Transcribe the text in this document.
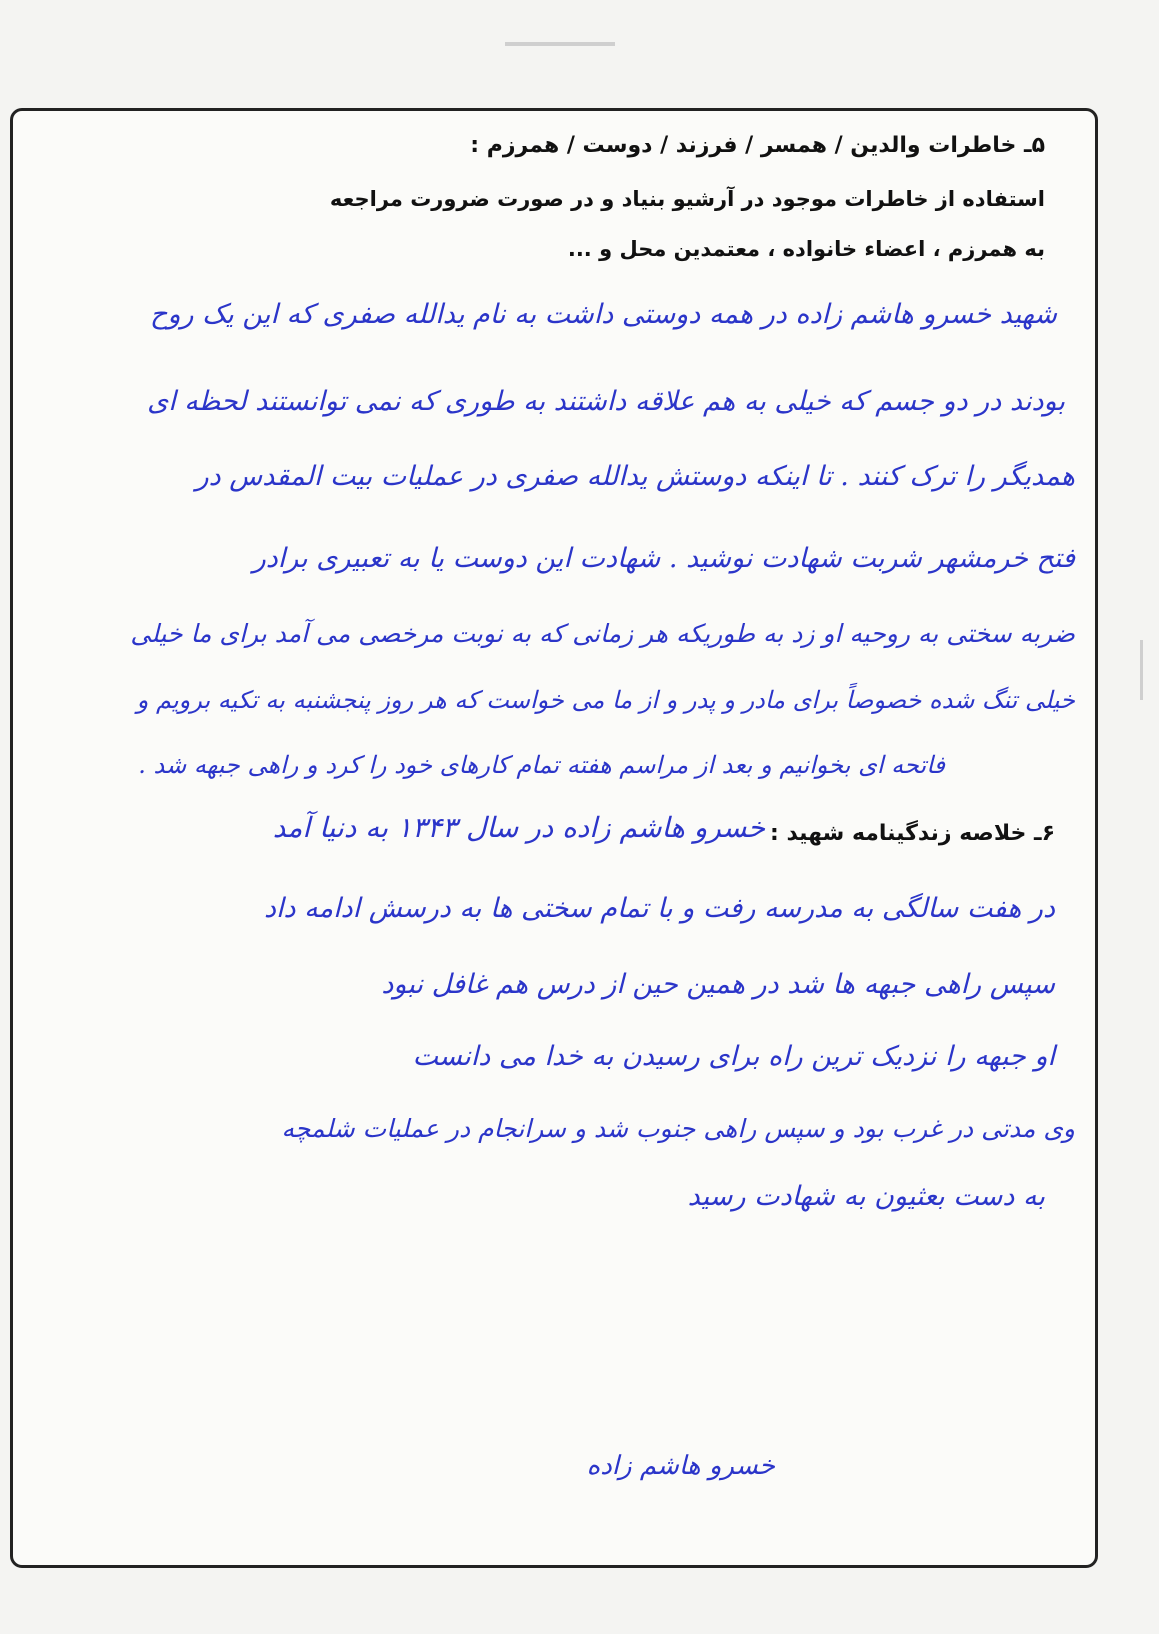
۵ـ خاطرات والدین / همسر / فرزند / دوست / همرزم :
استفاده از خاطرات موجود در آرشیو بنیاد و در صورت ضرورت مراجعه
به همرزم ، اعضاء خانواده ، معتمدین محل و ...
شهید خسرو هاشم زاده در همه دوستی داشت به نام یدالله صفری که این یک روح
بودند در دو جسم که خیلی به هم علاقه داشتند به طوری که نمی توانستند لحظه ای
همدیگر را ترک کنند . تا اینکه دوستش یدالله صفری در عملیات بیت المقدس در
فتح خرمشهر شربت شهادت نوشید . شهادت این دوست یا به تعبیری برادر
ضربه سختی به روحیه او زد به طوریکه هر زمانی که به نوبت مرخصی می آمد برای ما خیلی
خیلی تنگ شده خصوصاً برای مادر و پدر و از ما می خواست که هر روز پنجشنبه به تکیه برویم و
فاتحه ای بخوانیم و بعد از مراسم هفته تمام کارهای خود را کرد و راهی جبهه شد .
۶ـ خلاصه زندگینامه شهید :
خسرو هاشم زاده در سال ۱۳۴۳ به دنیا آمد
در هفت سالگی به مدرسه رفت و با تمام سختی ها به درسش ادامه داد
سپس راهی جبهه ها شد در همین حین از درس هم غافل نبود
او جبهه را نزدیک ترین راه برای رسیدن به خدا می دانست
وی مدتی در غرب بود و سپس راهی جنوب شد و سرانجام در عملیات شلمچه
به دست بعثیون به شهادت رسید
خسرو هاشم زاده
